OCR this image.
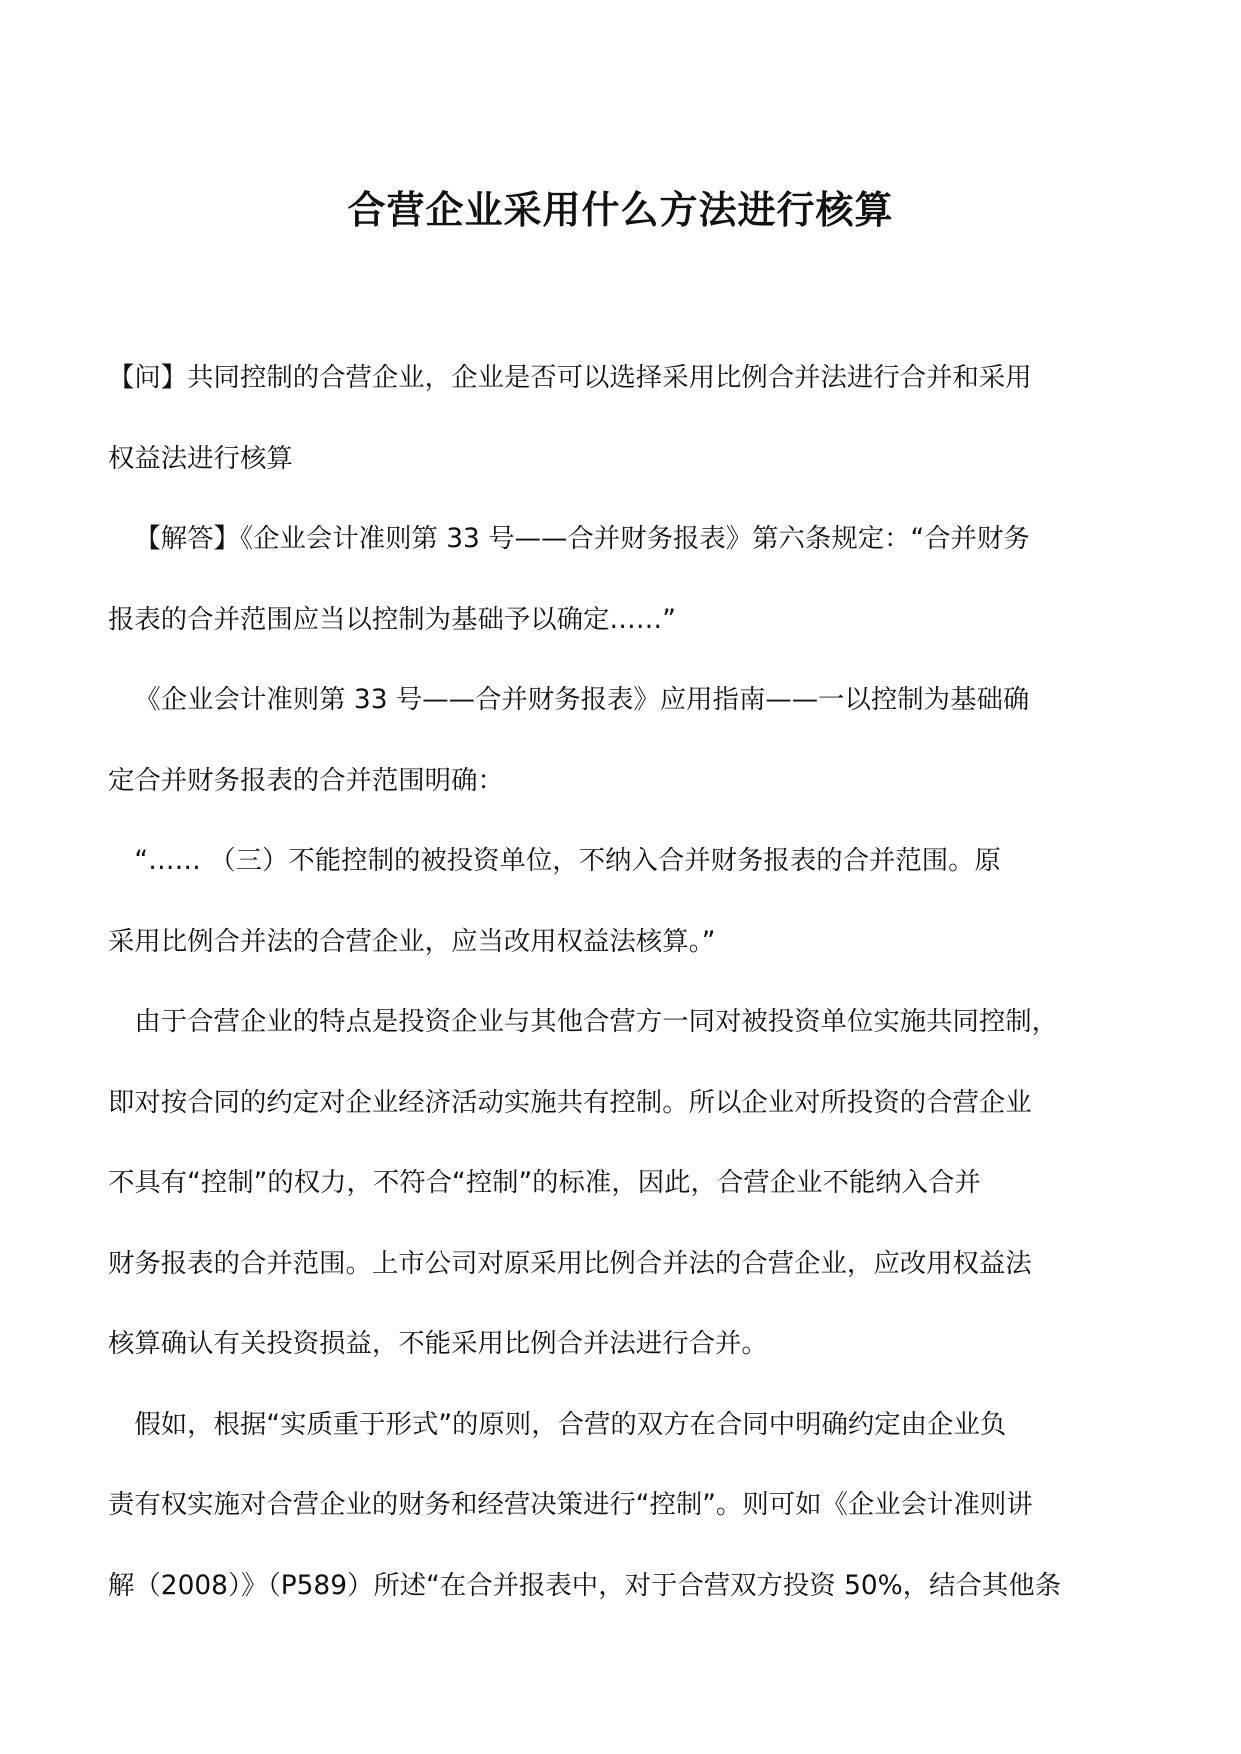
合营企业采用什么方法进行核算

【问】共同控制的合营企业，企业是否可以选择采用比例合并法进行合并和采用
权益法进行核算

【解答】《企业会计准则第 33 号——合并财务报表》第六条规定：“合并财务
报表的合并范围应当以控制为基础予以确定……”

《企业会计准则第 33 号——合并财务报表》应用指南——一以控制为基础确
定合并财务报表的合并范围明确：

“…… （三）不能控制的被投资单位，不纳入合并财务报表的合并范围。原
采用比例合并法的合营企业，应当改用权益法核算。”

由于合营企业的特点是投资企业与其他合营方一同对被投资单位实施共同控制，
即对按合同的约定对企业经济活动实施共有控制。所以企业对所投资的合营企业
不具有“控制”的权力，不符合“控制”的标准，因此，合营企业不能纳入合并
财务报表的合并范围。上市公司对原采用比例合并法的合营企业，应改用权益法
核算确认有关投资损益，不能采用比例合并法进行合并。

假如，根据“实质重于形式”的原则，合营的双方在合同中明确约定由企业负
责有权实施对合营企业的财务和经营决策进行“控制”。则可如《企业会计准则讲
解（2008）》（P589）所述“在合并报表中，对于合营双方投资 50%，结合其他条
